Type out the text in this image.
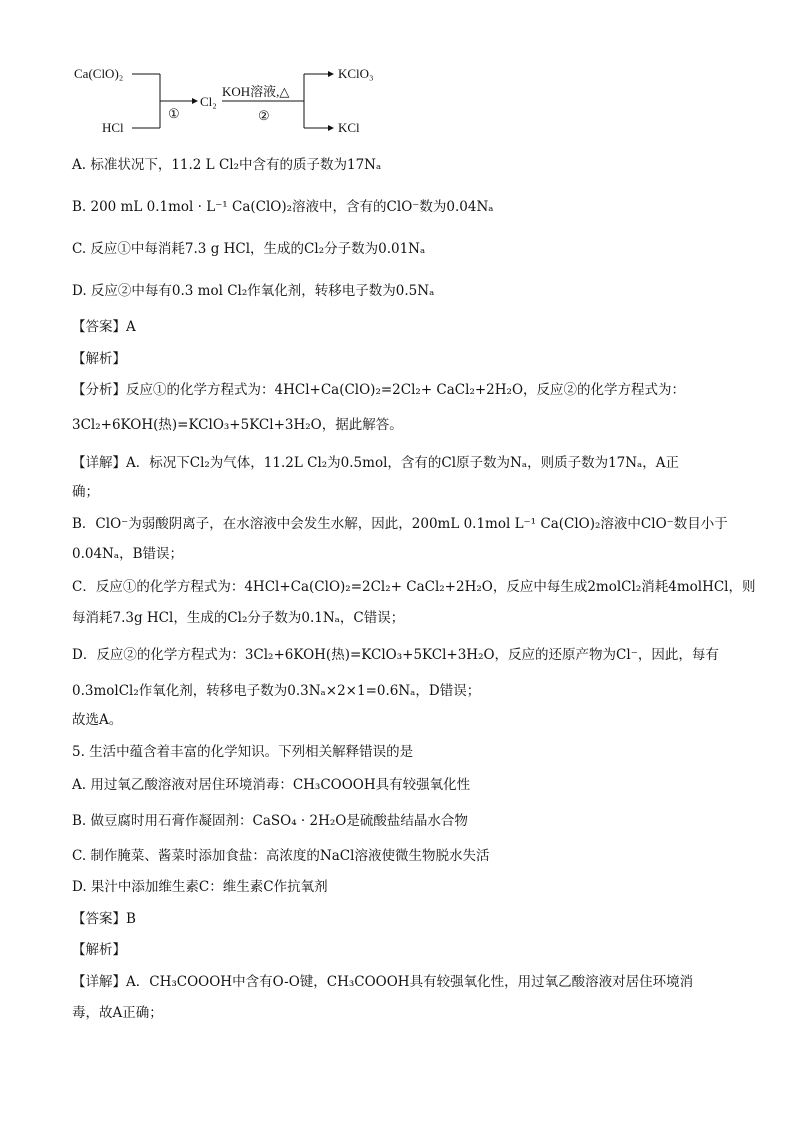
Ca(ClO)₂
HCl
①
Cl₂
KOH溶液,△
②
KClO₃
KCl
A. 标准状况下，11.2 L Cl₂中含有的质子数为17Nₐ
B. 200 mL 0.1mol · L⁻¹ Ca(ClO)₂溶液中，含有的ClO⁻数为0.04Nₐ
C. 反应①中每消耗7.3 g HCl，生成的Cl₂分子数为0.01Nₐ
D. 反应②中每有0.3 mol Cl₂作氧化剂，转移电子数为0.5Nₐ
【答案】A
【解析】
【分析】反应①的化学方程式为：4HCl+Ca(ClO)₂=2Cl₂+ CaCl₂+2H₂O，反应②的化学方程式为：
3Cl₂+6KOH(热)=KClO₃+5KCl+3H₂O，据此解答。
【详解】A．标况下Cl₂为气体，11.2L Cl₂为0.5mol，含有的Cl原子数为Nₐ，则质子数为17Nₐ，A正
确；
B．ClO⁻为弱酸阴离子，在水溶液中会发生水解，因此，200mL 0.1mol L⁻¹ Ca(ClO)₂溶液中ClO⁻数目小于
0.04Nₐ，B错误；
C．反应①的化学方程式为：4HCl+Ca(ClO)₂=2Cl₂+ CaCl₂+2H₂O，反应中每生成2molCl₂消耗4molHCl，则
每消耗7.3g HCl，生成的Cl₂分子数为0.1Nₐ，C错误；
D．反应②的化学方程式为：3Cl₂+6KOH(热)=KClO₃+5KCl+3H₂O，反应的还原产物为Cl⁻，因此，每有
0.3molCl₂作氧化剂，转移电子数为0.3Nₐ×2×1=0.6Nₐ，D错误；
故选A。
5. 生活中蕴含着丰富的化学知识。下列相关解释错误的是
A. 用过氧乙酸溶液对居住环境消毒：CH₃COOOH具有较强氧化性
B. 做豆腐时用石膏作凝固剂：CaSO₄ · 2H₂O是硫酸盐结晶水合物
C. 制作腌菜、酱菜时添加食盐：高浓度的NaCl溶液使微生物脱水失活
D. 果汁中添加维生素C：维生素C作抗氧剂
【答案】B
【解析】
【详解】A．CH₃COOOH中含有O-O键，CH₃COOOH具有较强氧化性，用过氧乙酸溶液对居住环境消
毒，故A正确；
